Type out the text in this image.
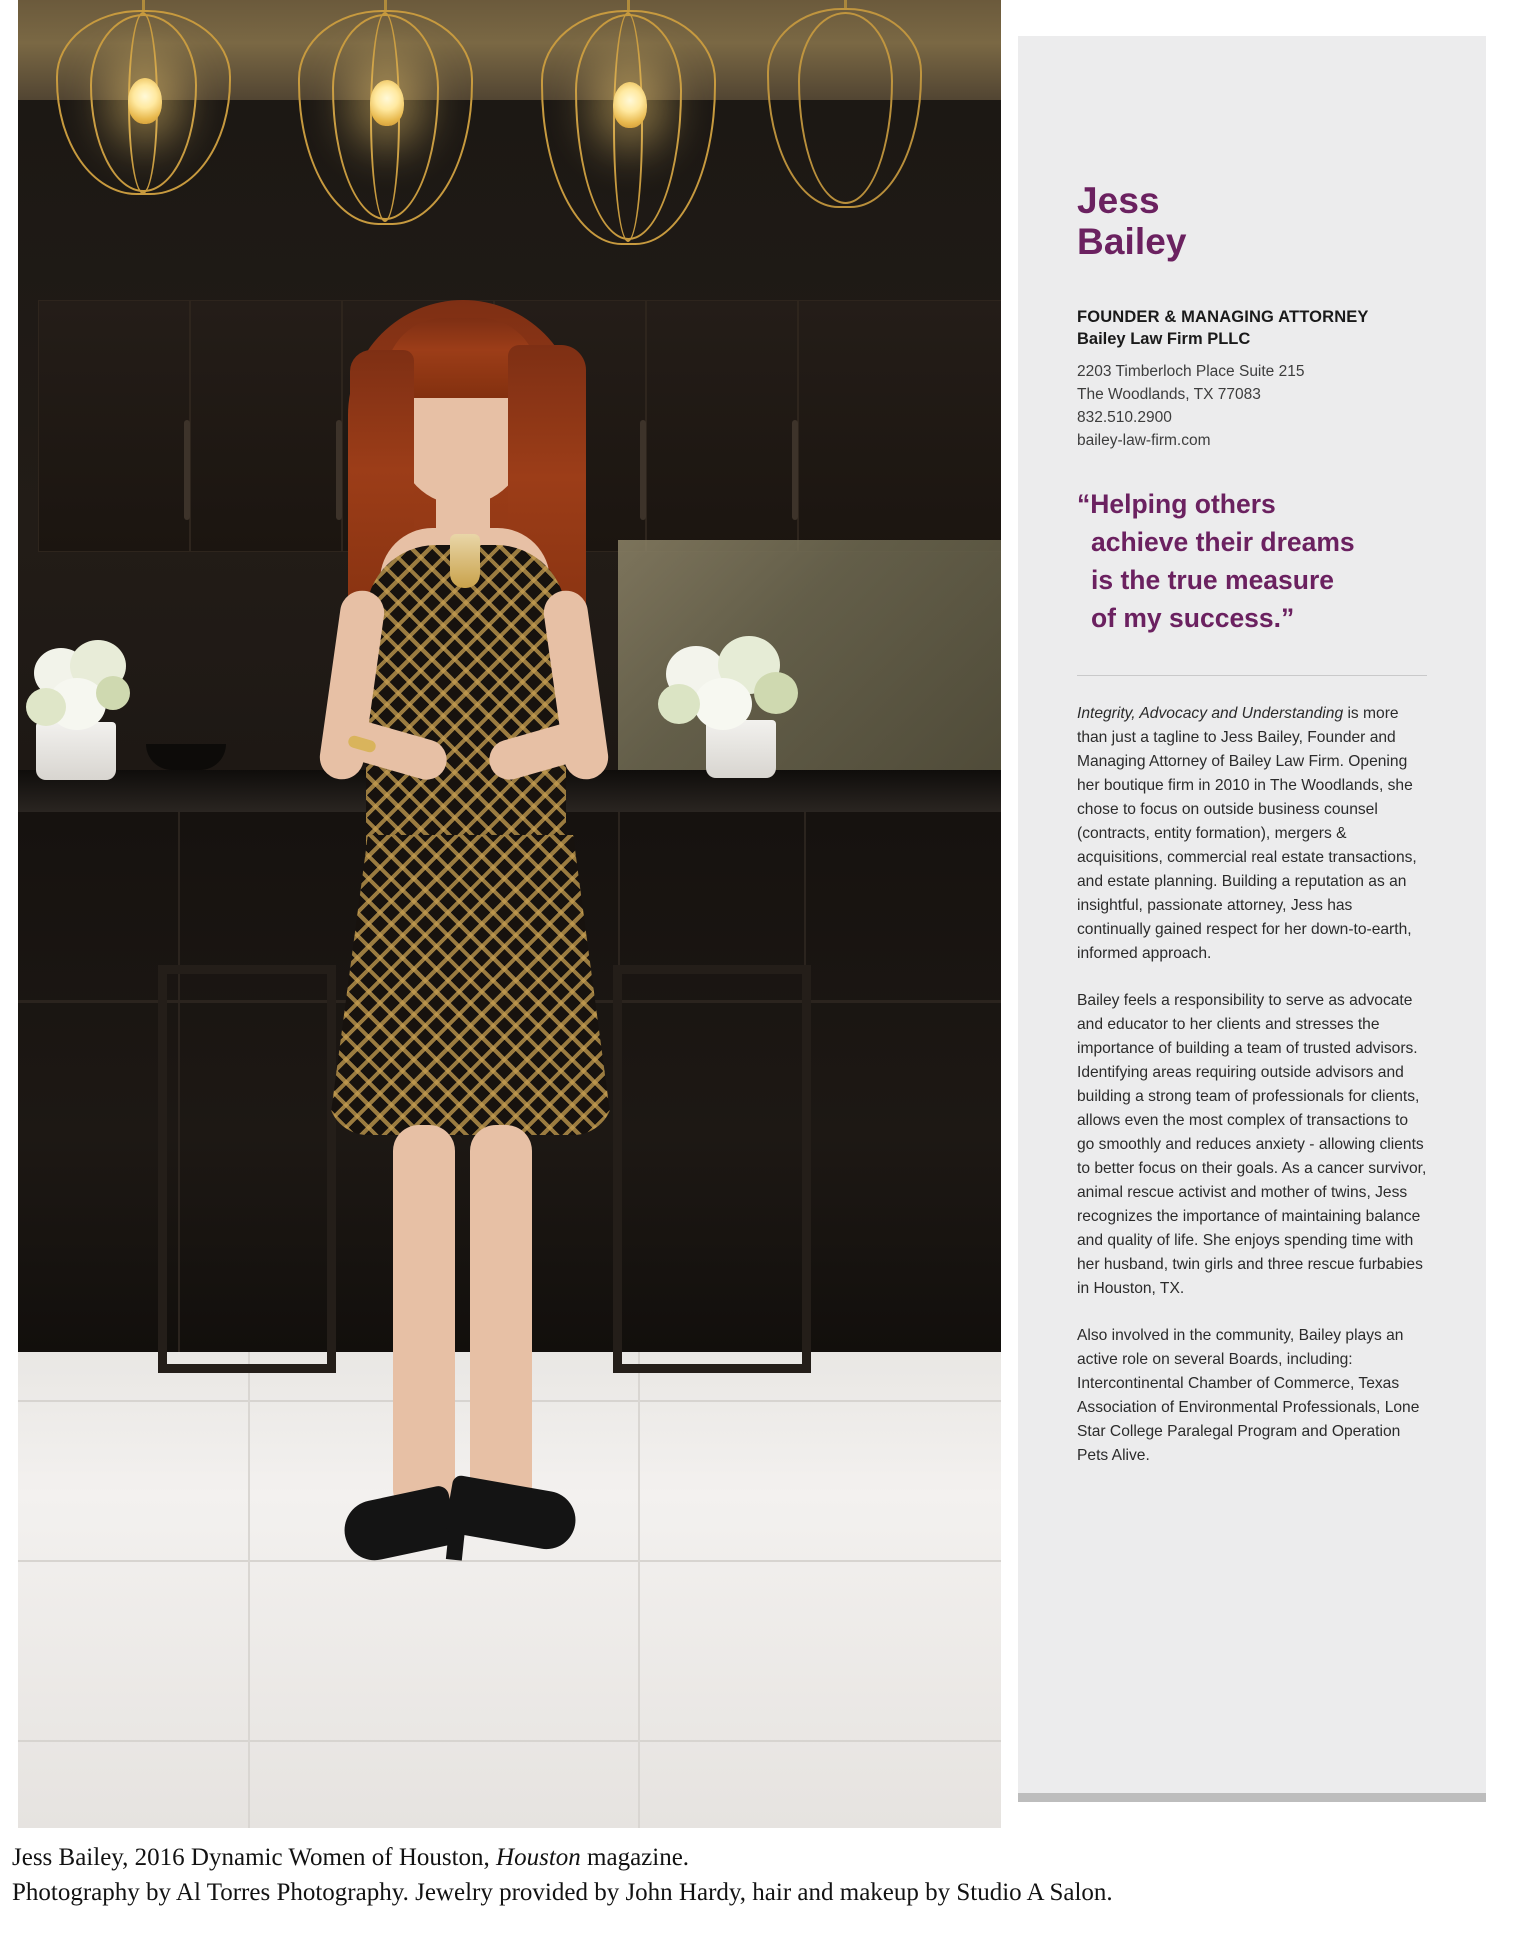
Jess
Bailey
FOUNDER & MANAGING ATTORNEY
Bailey Law Firm PLLC
2203 Timberloch Place Suite 215
The Woodlands, TX 77083
832.510.2900
bailey-law-firm.com
“Helping others
achieve their dreams
is the true measure
of my success.”

Integrity, Advocacy and Understanding is more than just a tagline to Jess Bailey, Founder and Managing Attorney of Bailey Law Firm. Opening her boutique firm in 2010 in The Woodlands, she chose to focus on outside business counsel (contracts, entity formation), mergers & acquisitions, commercial real estate transactions, and estate planning. Building a reputation as an insightful, passionate attorney, Jess has continually gained respect for her down-to-earth, informed approach.

Bailey feels a responsibility to serve as advocate and educator to her clients and stresses the importance of building a team of trusted advisors. Identifying areas requiring outside advisors and building a strong team of professionals for clients, allows even the most complex of transactions to go smoothly and reduces anxiety - allowing clients to better focus on their goals. As a cancer survivor, animal rescue activist and mother of twins, Jess recognizes the importance of maintaining balance and quality of life. She enjoys spending time with her husband, twin girls and three rescue furbabies in Houston, TX.

Also involved in the community, Bailey plays an active role on several Boards, including: Intercontinental Chamber of Commerce, Texas Association of Environmental Professionals, Lone Star College Paralegal Program and Operation Pets Alive.

Jess Bailey, 2016 Dynamic Women of Houston, Houston magazine.
Photography by Al Torres Photography. Jewelry provided by John Hardy, hair and makeup by Studio A Salon.
